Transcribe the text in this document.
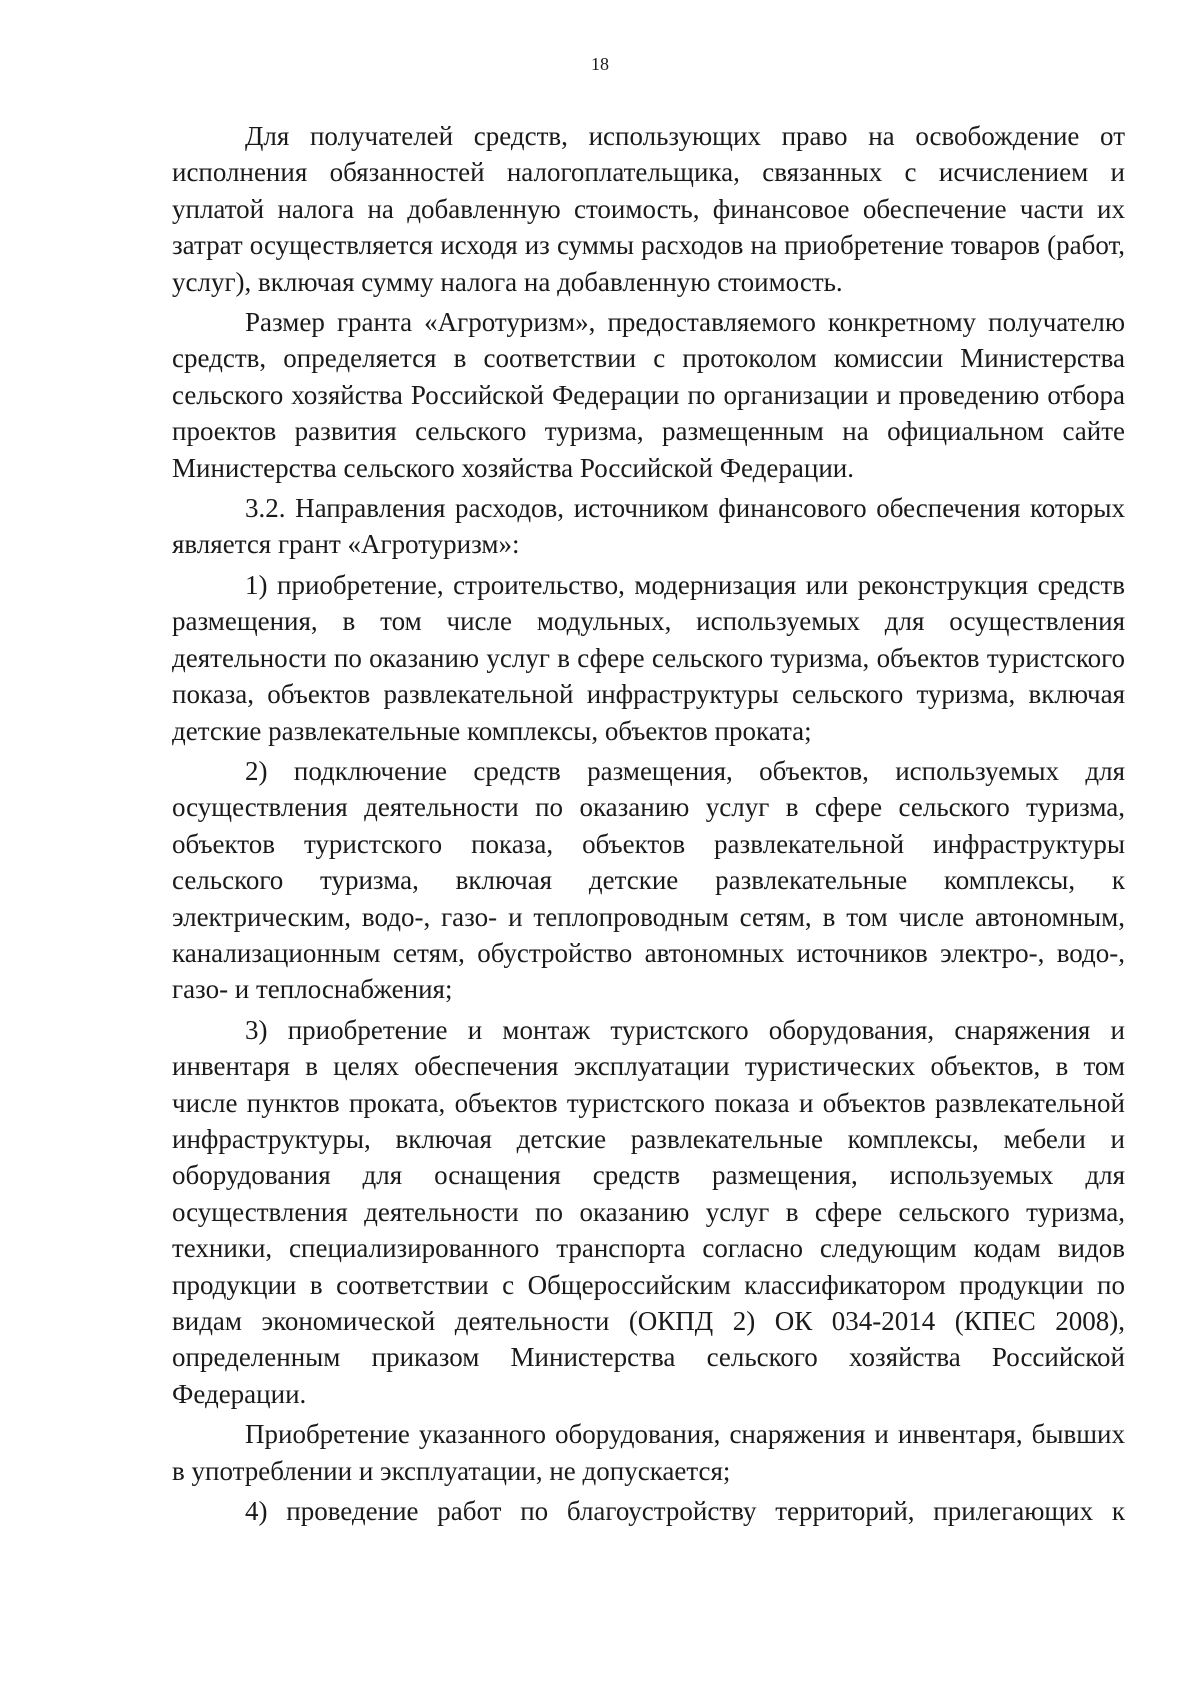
18

Для получателей средств, использующих право на освобождение от исполнения обязанностей налогоплательщика, связанных с исчислением и уплатой налога на добавленную стоимость, финансовое обеспечение части их затрат осуществляется исходя из суммы расходов на приобретение товаров (работ, услуг), включая сумму налога на добавленную стоимость.

Размер гранта «Агротуризм», предоставляемого конкретному получателю средств, определяется в соответствии с протоколом комиссии Министерства сельского хозяйства Российской Федерации по организации и проведению отбора проектов развития сельского туризма, размещенным на официальном сайте Министерства сельского хозяйства Российской Федерации.

3.2. Направления расходов, источником финансового обеспечения которых является грант «Агротуризм»:

1) приобретение, строительство, модернизация или реконструкция средств размещения, в том числе модульных, используемых для осуществления деятельности по оказанию услуг в сфере сельского туризма, объектов туристского показа, объектов развлекательной инфраструктуры сельского туризма, включая детские развлекательные комплексы, объектов проката;

2) подключение средств размещения, объектов, используемых для осуществления деятельности по оказанию услуг в сфере сельского туризма, объектов туристского показа, объектов развлекательной инфраструктуры сельского туризма, включая детские развлекательные комплексы, к электрическим, водо-, газо- и теплопроводным сетям, в том числе автономным, канализационным сетям, обустройство автономных источников электро-, водо-, газо- и теплоснабжения;

3) приобретение и монтаж туристского оборудования, снаряжения и инвентаря в целях обеспечения эксплуатации туристических объектов, в том числе пунктов проката, объектов туристского показа и объектов развлекательной инфраструктуры, включая детские развлекательные комплексы, мебели и оборудования для оснащения средств размещения, используемых для осуществления деятельности по оказанию услуг в сфере сельского туризма, техники, специализированного транспорта согласно следующим кодам видов продукции в соответствии с Общероссийским классификатором продукции по видам экономической деятельности (ОКПД 2) ОК 034-2014 (КПЕС 2008), определенным приказом Министерства сельского хозяйства Российской Федерации.

Приобретение указанного оборудования, снаряжения и инвентаря, бывших в употреблении и эксплуатации, не допускается;

4) проведение работ по благоустройству территорий, прилегающих к
